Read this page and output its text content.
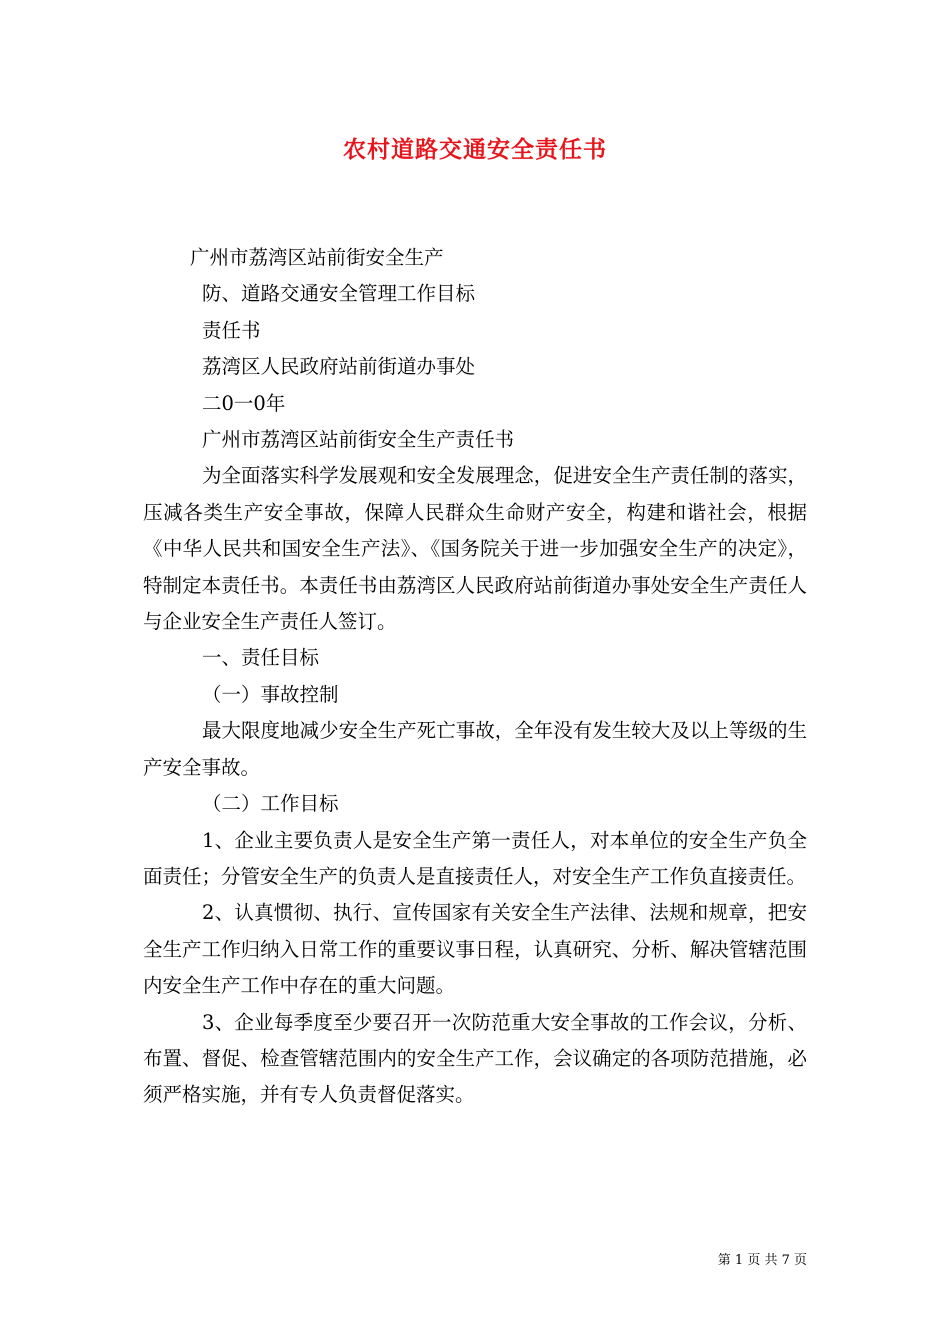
农村道路交通安全责任书
广州市荔湾区站前街安全生产
防、道路交通安全管理工作目标
责任书
荔湾区人民政府站前街道办事处
二0一0年
广州市荔湾区站前街安全生产责任书
为全面落实科学发展观和安全发展理念，促进安全生产责任制的落实，压减各类生产安全事故，保障人民群众生命财产安全，构建和谐社会，根据《中华人民共和国安全生产法》、《国务院关于进一步加强安全生产的决定》，特制定本责任书。本责任书由荔湾区人民政府站前街道办事处安全生产责任人与企业安全生产责任人签订。
一、责任目标
（一）事故控制
最大限度地减少安全生产死亡事故，全年没有发生较大及以上等级的生产安全事故。
（二）工作目标
1、企业主要负责人是安全生产第一责任人，对本单位的安全生产负全面责任；分管安全生产的负责人是直接责任人，对安全生产工作负直接责任。
2、认真惯彻、执行、宣传国家有关安全生产法律、法规和规章，把安全生产工作归纳入日常工作的重要议事日程，认真研究、分析、解决管辖范围内安全生产工作中存在的重大问题。
3、企业每季度至少要召开一次防范重大安全事故的工作会议，分析、布置、督促、检查管辖范围内的安全生产工作，会议确定的各项防范措施，必须严格实施，并有专人负责督促落实。
第 1 页 共 7 页
